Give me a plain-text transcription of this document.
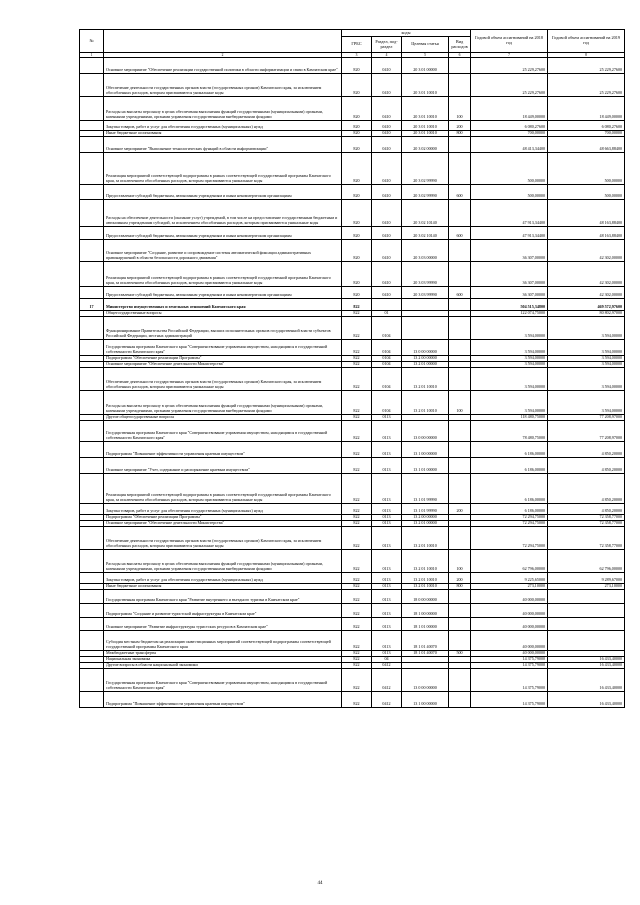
№		коды				Годовой объем ассигнований на 2018 год	Годовой объем ассигнований на 2019 год
		ГРБС	Раздел, под-раздел	Целевая статья	Вид расходов		
1	2	3	4	5	6	7	8
	Основное мероприятие "Обеспечение реализации государственной политики в области информатизации и связи в Камчатском крае"	820	0410	20 3 01 00000		25 229,27600	25 229,27600
	Обеспечение деятельности государственных органов власти (государственных органов) Камчатского края, за исключением обособленных расходов, которым присваиваются уникальные коды	820	0410	20 3 01 10010		25 229,27600	25 229,27600
	Расходы на выплаты персоналу в целях обеспечения выполнения функций государственными (муниципальными) органами, казенными учреждениями, органами управления государственными внебюджетными фондами	820	0410	20 3 01 10010	100	18 449,00000	18 449,00000
	Закупка товаров, работ и услуг для обеспечения государственных (муниципальных) нужд	820	0410	20 3 01 10010	200	6 080,27600	6 080,27600
	Иные бюджетные ассигнования	820	0410	20 3 01 10010	800	700,00000	700,00000
	Основное мероприятие "Выполнение технологических функций в области информатизации"	820	0410	20 3 02 00000		48 413,34400	48 663,88400
	Реализация мероприятий соответствующей подпрограммы в рамках соответствующей государственной программы Камчатского края, за исключением обособленных расходов, которым присваиваются уникальные коды	820	0410	20 3 02 99990		500,00000	500,00000
	Предоставление субсидий бюджетным, автономным учреждениям и иным некоммерческим организациям	820	0410	20 3 02 99990	600	500,00000	500,00000
	Расходы на обеспечение деятельности (оказание услуг) учреждений, в том числе на предоставление государственным бюджетным и автономным учреждениям субсидий, за исключением обособленных расходов, которым присваиваются уникальные коды	820	0410	20 3 02 10140		47 913,34400	48 163,88400
	Предоставление субсидий бюджетным, автономным учреждениям и иным некоммерческим организациям	820	0410	20 3 02 10140	600	47 913,34400	48 163,88400
	Основное мероприятие "Создание, развитие и сопровождение системы автоматической фиксации административных правонарушений в области безопасности дорожного движения"	820	0410	20 3 03 00000		36 307,00000	42 302,00000
	Реализация мероприятий соответствующей подпрограммы в рамках соответствующей государственной программы Камчатского края, за исключением обособленных расходов, которым присваиваются уникальные коды	820	0410	20 3 03 99990		36 307,00000	42 302,00000
	Предоставление субсидий бюджетным, автономным учреждениям и иным некоммерческим организациям	820	0410	20 3 03 99990	600	36 307,00000	42 302,00000
17	Министерство имущественных и земельных отношений Камчатского края	822				504 515,34800	469 572,97600
	Общегосударственные вопросы	822	01			122 074,75000	80 802,97000
	Функционирование Правительства Российской Федерации, высших исполнительных органов государственной власти субъектов Российской Федерации, местных администраций	822	0104			3 594,00000	3 594,00000
	Государственная программа Камчатского края "Совершенствование управления имуществом, находящимся в государственной собственности Камчатского края"	822	0104	13 0 00 00000		3 594,00000	3 594,00000
	Подпрограмма "Обеспечение реализации Программы"	822	0104	13 2 00 00000		3 594,00000	3 594,00000
	Основное мероприятие "Обеспечение деятельности Министерства"	822	0104	13 2 01 00000		3 594,00000	3 594,00000
	Обеспечение деятельности государственных органов власти (государственных органов) Камчатского края, за исключением обособленных расходов, которым присваиваются уникальные коды	822	0104	13 2 01 10010		3 594,00000	3 594,00000
	Расходы на выплаты персоналу в целях обеспечения выполнения функций государственными (муниципальными) органами, казенными учреждениями, органами управления государственными внебюджетными фондами	822	0104	13 2 01 10010	100	3 594,00000	3 594,00000
	Другие общегосударственные вопросы	822	0113			118 480,75000	77 208,97000
	Государственная программа Камчатского края "Совершенствование управления имуществом, находящимся в государственной собственности Камчатского края"	822	0113	13 0 00 00000		78 480,75000	77 208,97000
	Подпрограмма "Повышение эффективности управления краевым имуществом"	822	0113	13 1 00 00000		6 186,00000	4 850,20000
	Основное мероприятие "Учет, содержание и распоряжение краевым имуществом"	822	0113	13 1 01 00000		6 186,00000	4 850,20000
	Реализация мероприятий соответствующей подпрограммы в рамках соответствующей государственной программы Камчатского края, за исключением обособленных расходов, которым присваиваются уникальные коды	822	0113	13 1 01 99990		6 186,00000	4 850,20000
	Закупка товаров, работ и услуг для обеспечения государственных (муниципальных) нужд	822	0113	13 1 01 99990	200	6 186,00000	4 850,20000
	Подпрограмма "Обеспечение реализации Программы"	822	0113	13 2 00 00000		72 294,75000	72 358,77000
	Основное мероприятие "Обеспечение деятельности Министерства"	822	0113	13 2 01 00000		72 294,75000	72 358,77000
	Обеспечение деятельности государственных органов власти (государственных органов) Камчатского края, за исключением обособленных расходов, которым присваиваются уникальные коды	822	0113	13 2 01 10010		72 294,75000	72 358,77000
	Расходы на выплаты персоналу в целях обеспечения выполнения функций государственными (муниципальными) органами, казенными учреждениями, органами управления государственными внебюджетными фондами	822	0113	13 2 01 10010	100	62 796,00000	62 796,00000
	Закупка товаров, работ и услуг для обеспечения государственных (муниципальных) нужд	822	0113	13 2 01 10010	200	9 225,65000	9 289,67000
	Иные бюджетные ассигнования	822	0113	13 2 01 10010	800	273,10000	273,10000
	Государственная программа Камчатского края "Развитие внутреннего и въездного туризма в Камчатском крае"	822	0113	18 0 00 00000		40 000,00000	
	Подпрограмма "Создание и развитие туристской инфраструктуры в Камчатском крае"	822	0113	18 1 00 00000		40 000,00000	
	Основное мероприятие "Развитие инфраструктуры туристских ресурсов в Камчатском крае"	822	0113	18 1 01 00000		40 000,00000	
	Субсидия местным бюджетам на реализацию инвестиционных мероприятий соответствующей подпрограммы соответствующей государственной программы Камчатского края	822	0113	18 1 01 40070		40 000,00000	
	Межбюджетные трансферты	822	0113	18 1 01 40070	500	40 000,00000	
	Национальная экономика	822	04			14 375,79000	16 433,40000
	Другие вопросы в области национальной экономики	822	0412			14 375,79000	16 433,40000
	Государственная программа Камчатского края "Совершенствование управления имуществом, находящимся в государственной собственности Камчатского края"	822	0412	13 0 00 00000		14 375,79000	16 433,40000
	Подпрограмма "Повышение эффективности управления краевым имуществом"	822	0412	13 1 00 00000		14 375,79000	16 433,40000
44
